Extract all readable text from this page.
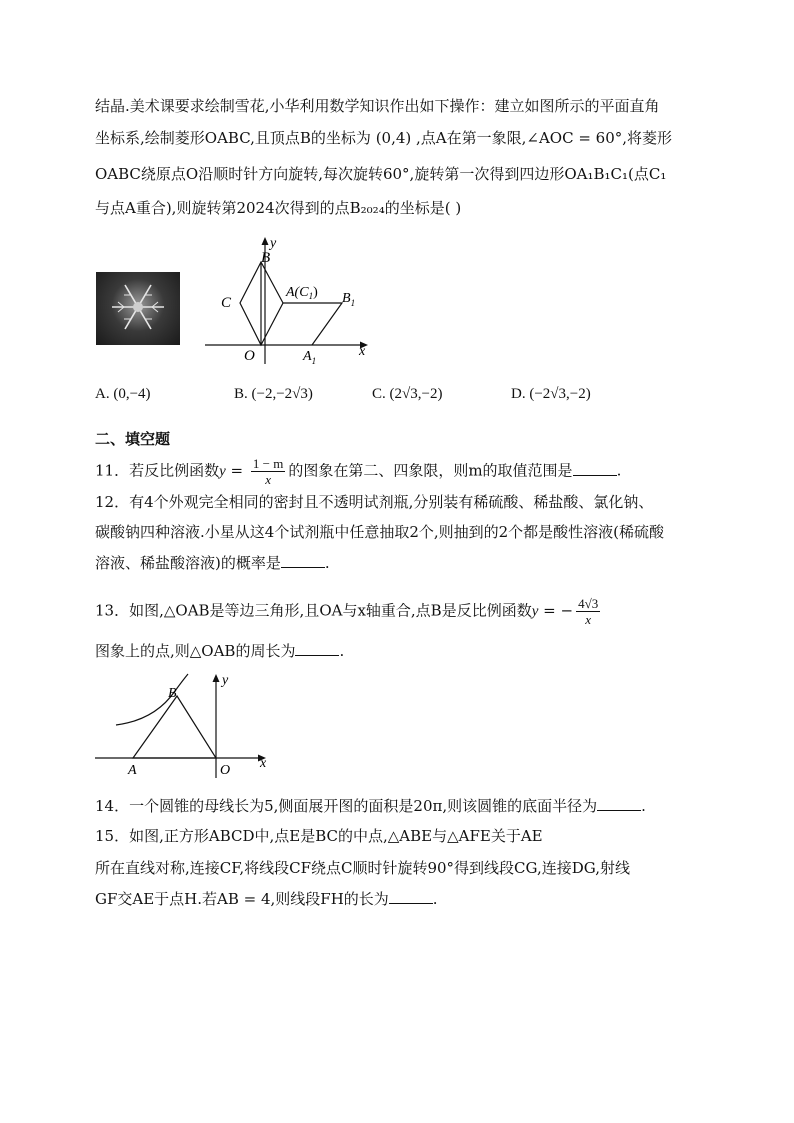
结晶.美术课要求绘制雪花,小华利用数学知识作出如下操作：建立如图所示的平面直角
坐标系,绘制菱形OABC,且顶点B的坐标为 (0,4) ,点A在第一象限,∠AOC = 60°,将菱形
OABC绕原点O沿顺时针方向旋转,每次旋转60°,旋转第一次得到四边形OA₁B₁C₁(点C₁
与点A重合),则旋转第2024次得到的点B₂₀₂₄的坐标是( )
y
B
C
$A(C_1)$ $B_1$
O	$A_1$
x
A. (0,−4)	B. (−2,−2√3)	C. (2√3,−2)	D. (−2√3,−2)
二、填空题
11．若反比例函数$y = \frac{1 - m}{x}$ 的图象在第二、四象限，则m的取值范围是	.
12．有4个外观完全相同的密封且不透明试剂瓶,分别装有稀硫酸、稀盐酸、氯化钠、
碳酸钠四种溶液.小星从这4个试剂瓶中任意抽取2个,则抽到的2个都是酸性溶液(稀硫酸
溶液、稀盐酸溶液)的概率是	.
13．如图,△OAB是等边三角形,且OA与x轴重合,点B是反比例函数y = − $\frac{4√3}{x}$
图象上的点,则△OAB的周长为	.
B
y
A	O x
14．一个圆锥的母线长为5,侧面展开图的面积是20π,则该圆锥的底面半径为	.
15．如图,正方形ABCD中,点E是BC的中点,△ABE与△AFE关于AE
所在直线对称,连接CF,将线段CF绕点C顺时针旋转90°得到线段CG,连接DG,射线
GF交AE于点H.若AB = 4,则线段FH的长为	.
